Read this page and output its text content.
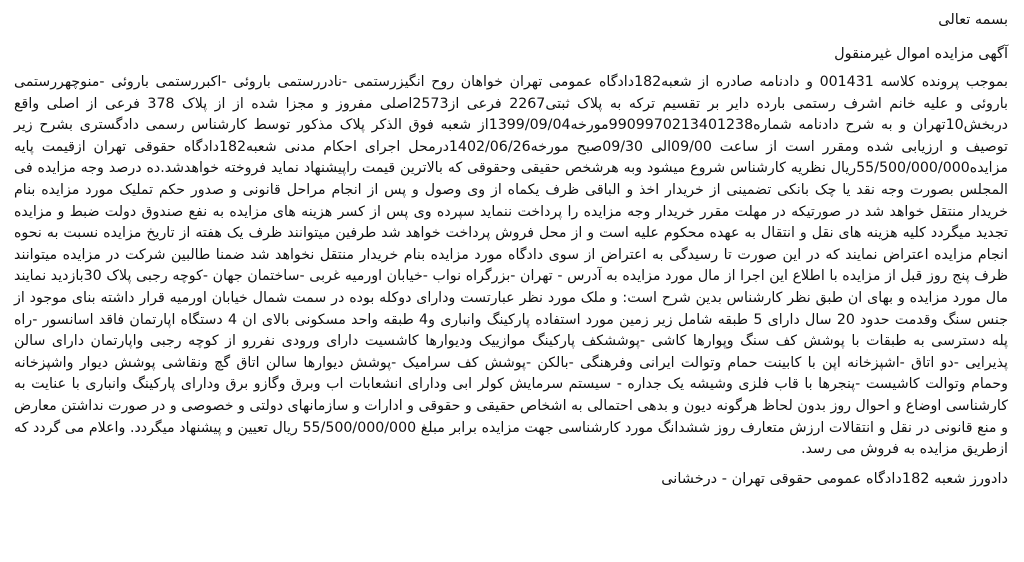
بسمه تعالی

آگهی مزایده اموال غیرمنقول

بموجب پرونده کلاسه 001431 و دادنامه صادره از شعبه182دادگاه عمومی تهران خواهان روح انگیزرستمی -نادررستمی باروئی -اکبررستمی باروئی -منوچهررستمی باروئی و علیه خانم اشرف رستمی بارده دایر بر تقسیم ترکه به پلاک ثبتی2267 فرعی از2573اصلی مفروز و مجزا شده از از پلاک 378 فرعی از اصلی واقع دربخش10تهران و به شرح دادنامه شماره9909970213401238مورخه1399/09/04از شعبه فوق الذکر پلاک مذکور توسط کارشناس رسمی دادگستری بشرح زیر توصیف و ارزیابی شده ومقرر است از ساعت 09/00الی 09/30صبح مورخه1402/06/26درمحل اجرای احکام مدنی شعبه182دادگاه حقوقی تهران ازقیمت پایه مزایده55/500/000/000ریال نظریه کارشناس شروع میشود وبه هرشخص حقیقی وحقوقی که بالاترین قیمت راپیشنهاد نماید فروخته خواهدشد.ده درصد وجه مزایده فی المجلس بصورت وجه نقد یا چک بانکی تضمینی از خریدار اخذ و الباقی ظرف یکماه از وی وصول و پس از انجام مراحل قانونی و صدور حکم تملیک مورد مزایده بنام خریدار منتقل خواهد شد در صورتیکه در مهلت مقرر خریدار وجه مزایده را پرداخت ننماید سپرده وی پس از کسر هزینه های مزایده به نفع صندوق دولت ضبط و مزایده تجدید میگردد کلیه هزینه های نقل و انتقال به عهده محکوم علیه است و از محل فروش پرداخت خواهد شد طرفین میتوانند ظرف یک هفته از تاریخ مزایده نسبت به نحوه انجام مزایده اعتراض نمایند که در این صورت تا رسیدگی به اعتراض از سوی دادگاه مورد مزایده بنام خریدار منتقل نخواهد شد ضمنا طالبین شرکت در مزایده میتوانند ظرف پنج روز قبل از مزایده با اطلاع این اجرا از مال مورد مزایده به آدرس - تهران -بزرگراه نواب -خیابان اورمیه غربی -ساختمان جهان -کوچه رجبی پلاک 30بازدید نمایند مال مورد مزایده و بهای ان طبق نظر کارشناس بدین شرح است: و ملک مورد نظر عبارتست ودارای دوکله بوده در سمت شمال خیابان اورمیه قرار داشته بنای موجود از جنس سنگ وقدمت حدود 20 سال دارای 5 طبقه شامل زیر زمین مورد استفاده پارکینگ وانباری و4 طبقه واحد مسکونی بالای ان 4 دستگاه اپارتمان فاقد اسانسور -راه پله دسترسی به طبقات با پوشش کف سنگ وپوارها کاشی -پوششکف پارکینگ موازییک ودیوارها کاشسیت دارای ورودی نفررو از کوچه رجبی واپارتمان دارای سالن پذیرایی -دو اتاق -اشپزخانه اپن با کابینت حمام وتوالت ایرانی وفرهنگی -بالکن -پوشش کف سرامیک -پوشش دیوارها سالن اتاق گچ ونقاشی پوشش دیوار واشپزخانه وحمام وتوالت کاشیست -پنجرها با قاب فلزی وشیشه یک جداره - سیستم سرمایش کولر ابی ودارای انشعابات اب وبرق وگازو برق ودارای پارکینگ وانباری با عنایت به کارشناسی اوضاع و احوال روز بدون لحاظ هرگونه دیون و بدهی احتمالی به اشخاص حقیقی و حقوقی و ادارات و سازمانهای دولتی و خصوصی و در صورت نداشتن معارض و منع قانونی در نقل و انتقالات ارزش متعارف روز ششدانگ مورد کارشناسی جهت مزایده برابر مبلغ 55/500/000/000 ریال تعیین و پیشنهاد میگردد. واعلام می گردد که ازطریق مزایده به فروش می رسد.

دادورز شعبه 182دادگاه عمومی حقوقی تهران - درخشانی
